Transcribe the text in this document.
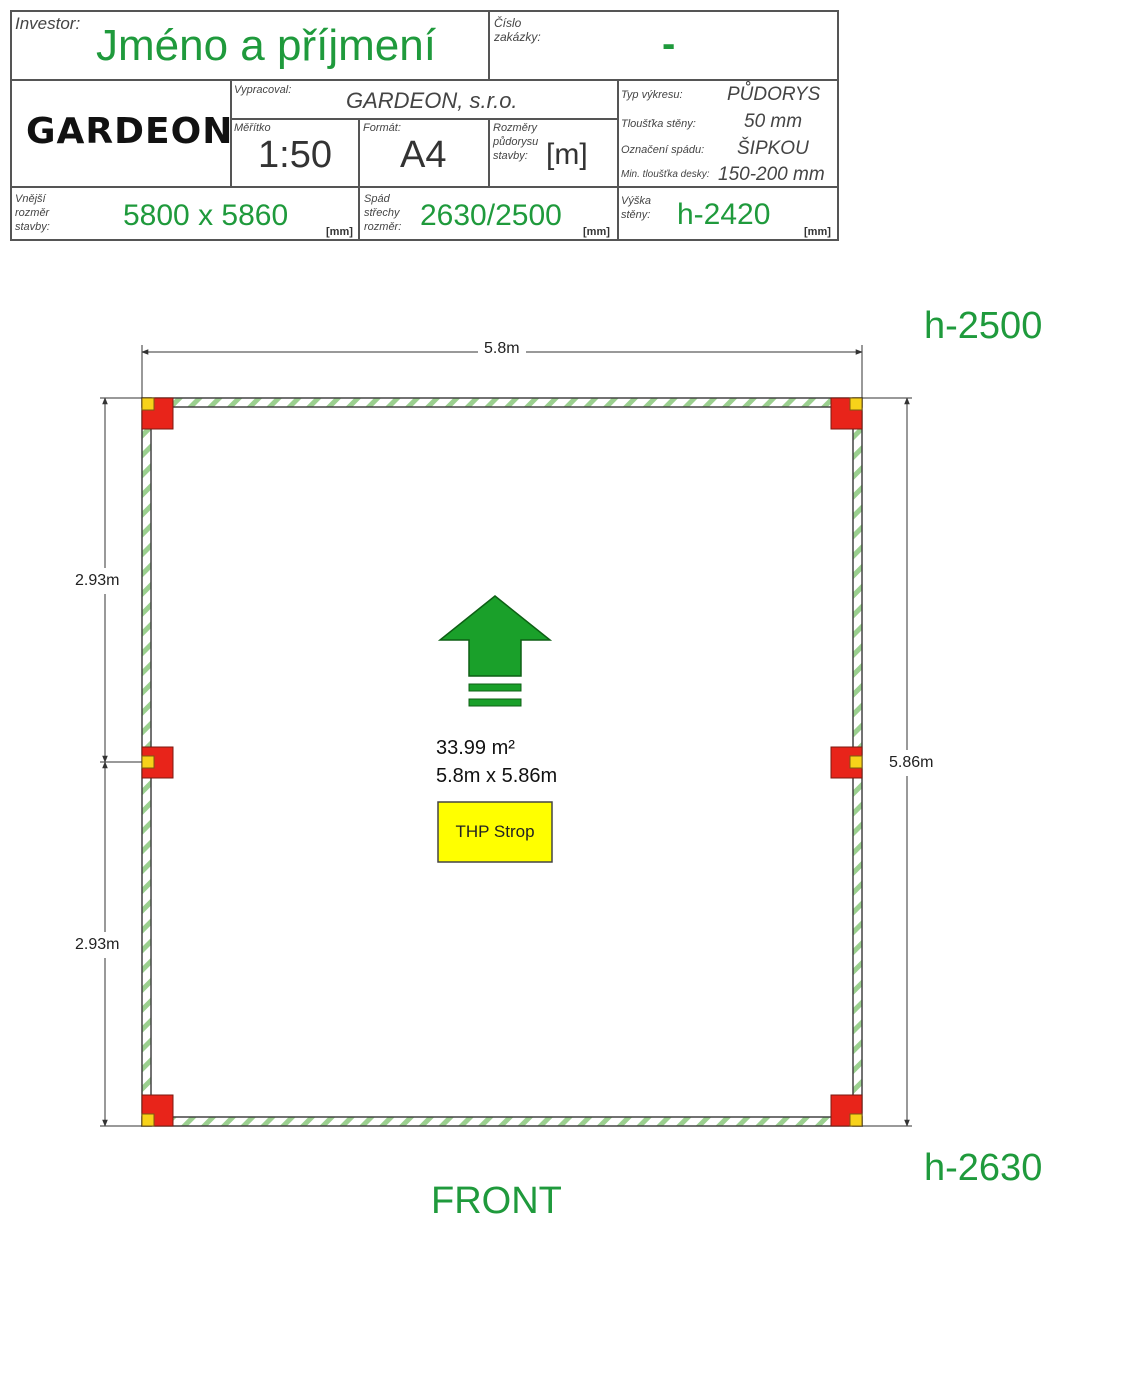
Investor: Jméno a příjmení	Číslo zakázky:	-
GARDEON
Vypracoval: GARDEON, s.r.o.
Měřítko
1:50
Formát:
A4
Rozměry půdorysu stavby: [m]
Typ výkresu: PŮDORYS
Tloušťka stěny:	50 mm
Označení spádu: ŠIPKOU
Min. tloušťka desky: 150-200 mm
Vnější rozměr stavby:	5800 x 5860	[mm]
Spád střechy rozměr: 2630/2500 [mm]
Výška stěny: h-2420
[mm]
h-2500
h-2630
5.8m
5.86m
2.93m
2.93m
33.99 m²
5.8m x 5.86m
THP Strop
FRONT
